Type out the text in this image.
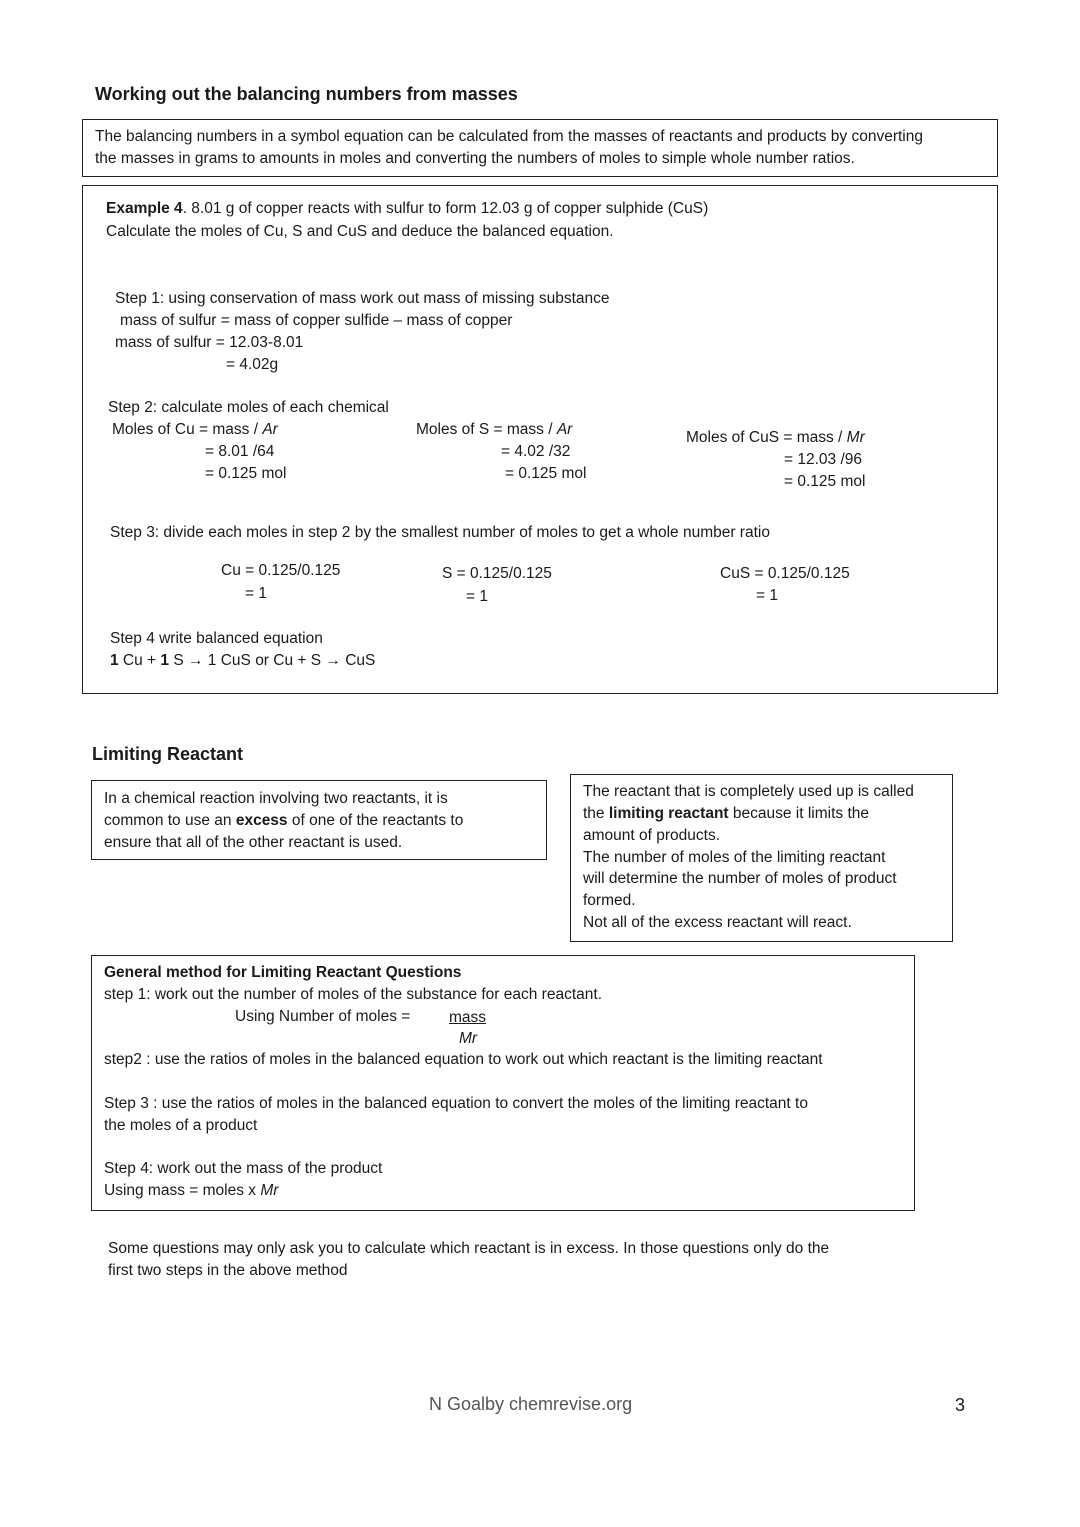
Working out the balancing numbers from masses
The balancing numbers in a symbol equation can be calculated from the masses of reactants and products by converting
the masses in grams to amounts in moles and converting the numbers of moles to simple whole number ratios.
Example 4. 8.01 g of copper reacts with sulfur to form 12.03 g of copper sulphide (CuS)
Calculate the moles of Cu, S and CuS and deduce the balanced equation.
Step 1: using conservation of mass work out mass of missing substance
mass of sulfur = mass of copper sulfide – mass of copper
mass of sulfur = 12.03-8.01
= 4.02g
Step 2: calculate moles of each chemical
Moles of Cu = mass / Ar
= 8.01 /64
= 0.125 mol
Moles of S = mass / Ar
= 4.02 /32
= 0.125 mol
Moles of CuS = mass / Mr
= 12.03 /96
= 0.125 mol
Step 3: divide each moles in step 2 by the smallest number of moles to get a whole number ratio
Cu = 0.125/0.125
= 1
S = 0.125/0.125
= 1
CuS = 0.125/0.125
= 1
Step 4 write balanced equation
1 Cu + 1 S → 1 CuS or Cu + S → CuS
Limiting Reactant
In a chemical reaction involving two reactants, it is
common to use an excess of one of the reactants to
ensure that all of the other reactant is used.
The reactant that is completely used up is called
the limiting reactant because it limits the
amount of products.
The number of moles of the limiting reactant
will determine the number of moles of product
formed.
Not all of the excess reactant will react.
General method for Limiting Reactant Questions
step 1: work out the number of moles of the substance for each reactant.
Using Number of moles = mass
Mr
step2 : use the ratios of moles in the balanced equation to work out which reactant is the limiting reactant
Step 3 : use the ratios of moles in the balanced equation to convert the moles of the limiting reactant to
the moles of a product
Step 4: work out the mass of the product
Using mass = moles x Mr
Some questions may only ask you to calculate which reactant is in excess. In those questions only do the
first two steps in the above method
N Goalby chemrevise.org	3
